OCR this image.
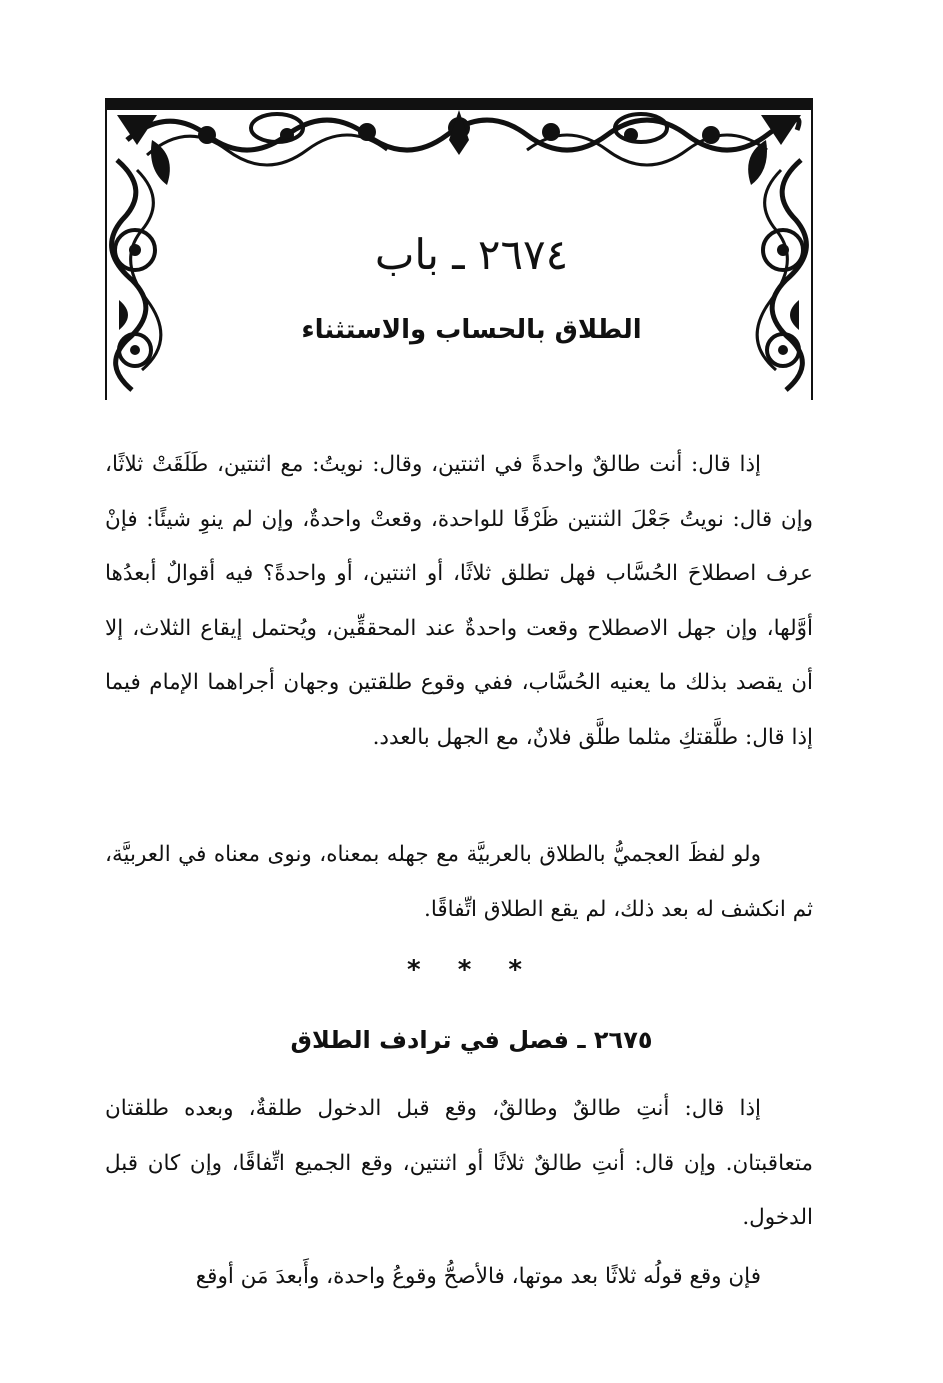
٢٦٧٤ ـ باب
الطلاق بالحساب والاستثناء

إذا قال: أنت طالقٌ واحدةً في اثنتين، وقال: نويتُ: مع اثنتين، طَلَقَتْ ثلاثًا، وإن قال: نويتُ جَعْلَ الثنتين ظَرْفًا للواحدة، وقعتْ واحدةٌ، وإن لم ينوِ شيئًا: فإنْ عرف اصطلاحَ الحُسَّاب فهل تطلق ثلاثًا، أو اثنتين، أو واحدةً؟ فيه أقوالٌ أبعدُها أوَّلها، وإن جهل الاصطلاح وقعت واحدةٌ عند المحققِّين، ويُحتمل إيقاع الثلاث، إلا أن يقصد بذلك ما يعنيه الحُسَّاب، ففي وقوع طلقتين وجهان أجراهما الإمام فيما إذا قال: طلَّقتكِ مثلما طلَّق فلانٌ، مع الجهل بالعدد.

ولو لفظَ العجميُّ بالطلاق بالعربيَّة مع جهله بمعناه، ونوى معناه في العربيَّة، ثم انكشف له بعد ذلك، لم يقع الطلاق اتِّفاقًا.

* * *
٢٦٧٥ ـ فصل في ترادف الطلاق

إذا قال: أنتِ طالقٌ وطالقٌ، وقع قبل الدخول طلقةٌ، وبعده طلقتان متعاقبتان. وإن قال: أنتِ طالقٌ ثلاثًا أو اثنتين، وقع الجميع اتِّفاقًا، وإن كان قبل الدخول.

فإن وقع قولُه ثلاثًا بعد موتها، فالأصحُّ وقوعُ واحدة، وأَبعدَ مَن أوقع
